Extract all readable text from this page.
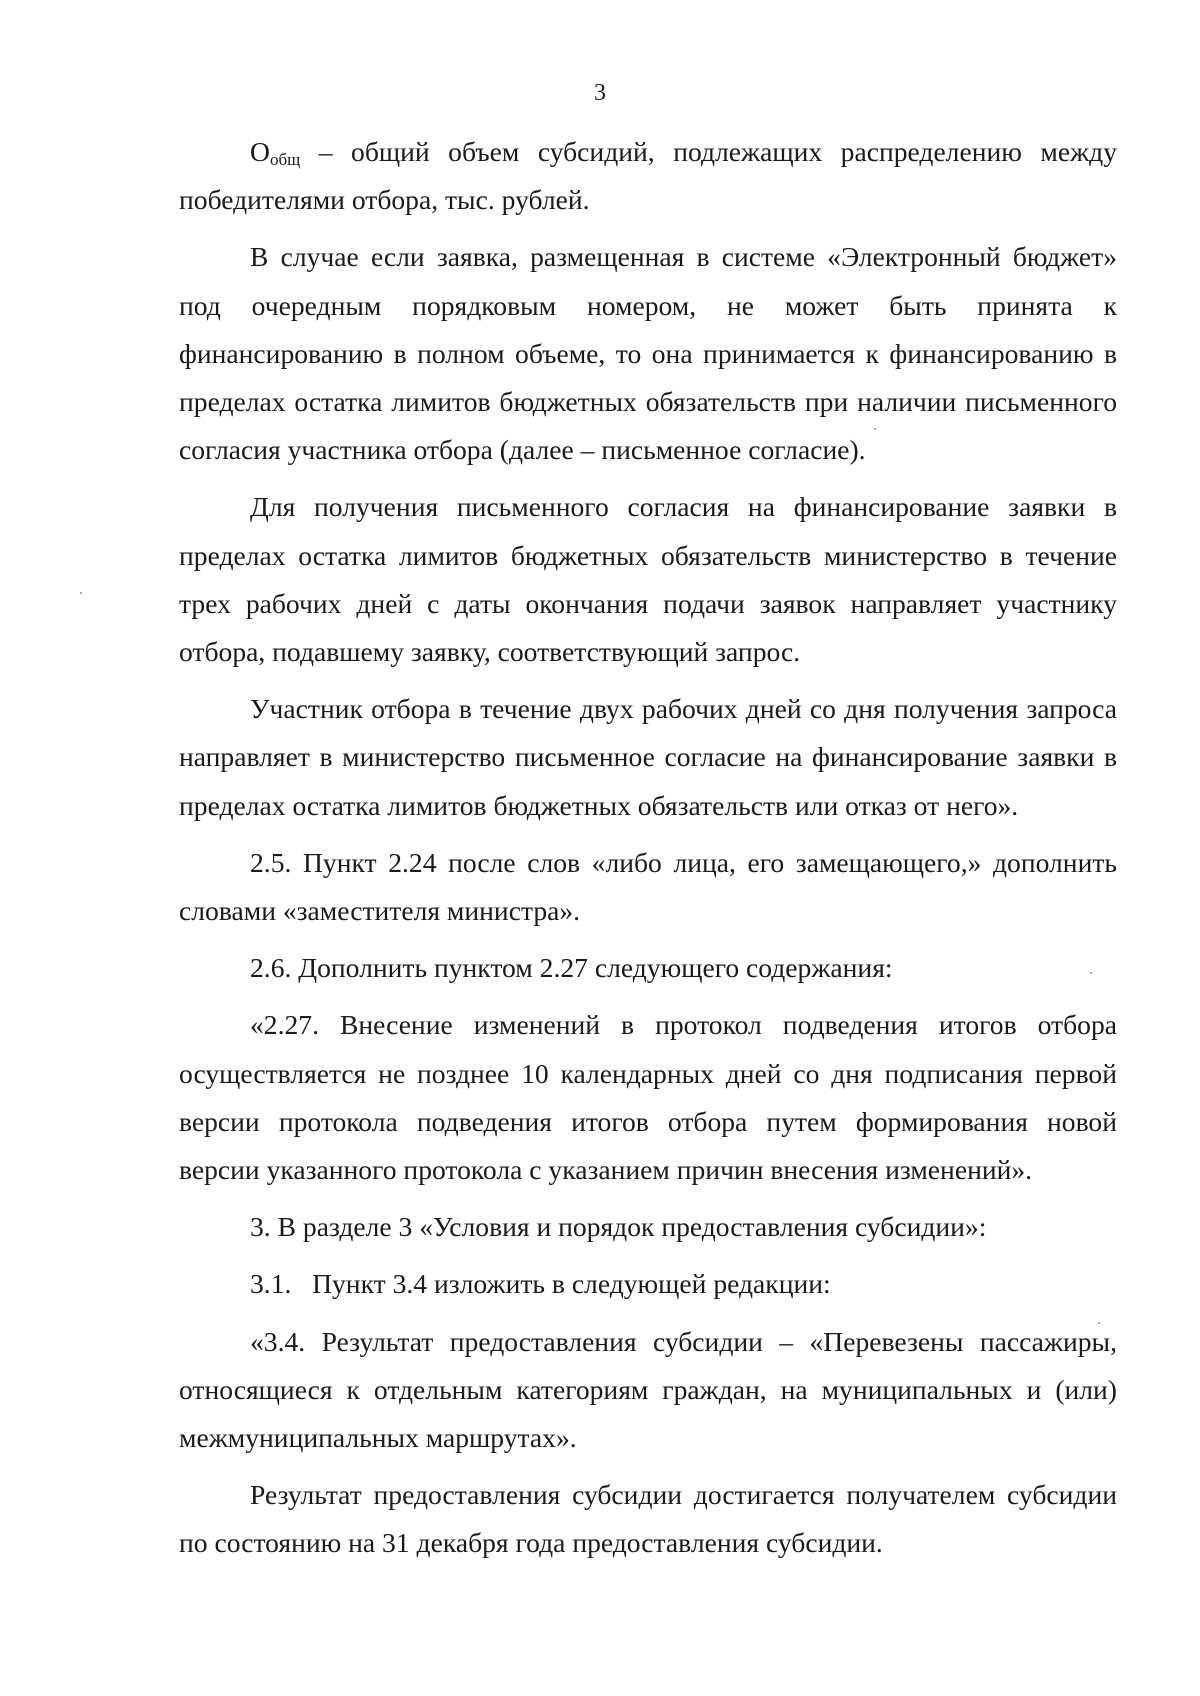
3

$О_{общ}$ – общий объем субсидий, подлежащих распределению между победителями отбора, тыс. рублей.

В случае если заявка, размещенная в системе «Электронный бюджет» под очередным порядковым номером, не может быть принята к финансированию в полном объеме, то она принимается к финансированию в пределах остатка лимитов бюджетных обязательств при наличии письменного согласия участника отбора (далее – письменное согласие).

Для получения письменного согласия на финансирование заявки в пределах остатка лимитов бюджетных обязательств министерство в течение трех рабочих дней с даты окончания подачи заявок направляет участнику отбора, подавшему заявку, соответствующий запрос.

Участник отбора в течение двух рабочих дней со дня получения запроса направляет в министерство письменное согласие на финансирование заявки в пределах остатка лимитов бюджетных обязательств или отказ от него».

2.5. Пункт 2.24 после слов «либо лица, его замещающего,» дополнить словами «заместителя министра».

2.6. Дополнить пунктом 2.27 следующего содержания:

«2.27. Внесение изменений в протокол подведения итогов отбора осуществляется не позднее 10 календарных дней со дня подписания первой версии протокола подведения итогов отбора путем формирования новой версии указанного протокола с указанием причин внесения изменений».

3. В разделе 3 «Условия и порядок предоставления субсидии»:

3.1.   Пункт 3.4 изложить в следующей редакции:

«3.4. Результат предоставления субсидии – «Перевезены пассажиры, относящиеся к отдельным категориям граждан, на муниципальных и (или) межмуниципальных маршрутах».

Результат предоставления субсидии достигается получателем субсидии по состоянию на 31 декабря года предоставления субсидии.
